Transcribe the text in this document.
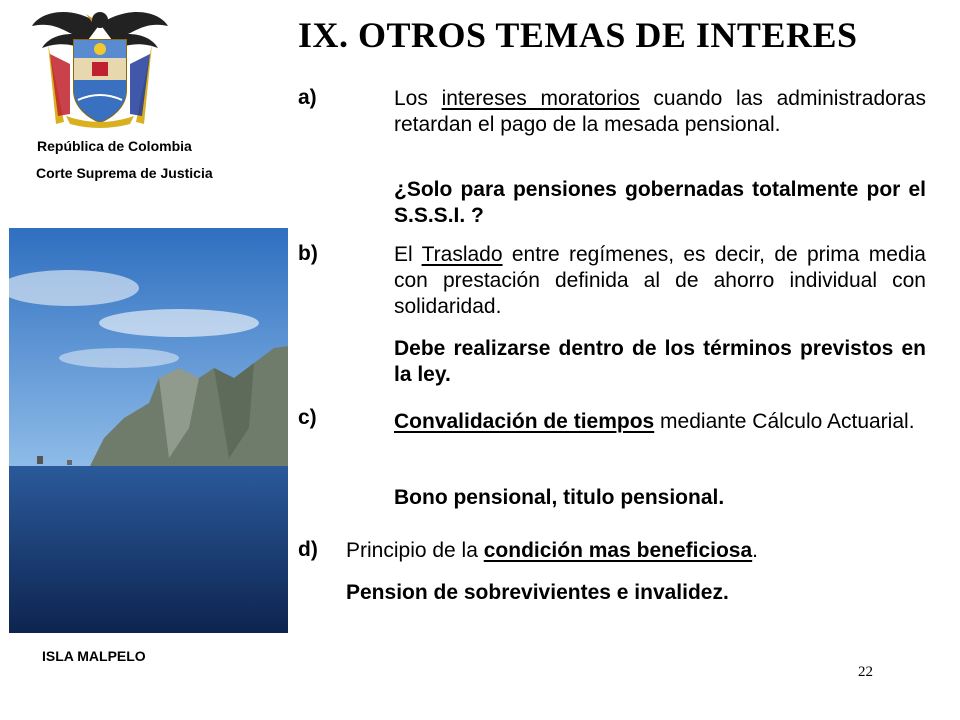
República de Colombia
Corte Suprema de Justicia
ISLA MALPELO
IX. OTROS TEMAS DE INTERES
a)	Los intereses moratorios cuando las administradoras retardan el pago de la mesada pensional.
¿Solo para pensiones gobernadas totalmente por el S.S.S.I. ?
b)	El Traslado entre regímenes, es decir, de prima media con prestación definida al de ahorro individual con solidaridad.
Debe realizarse dentro de los términos previstos en la ley.
c)	Convalidación de tiempos mediante Cálculo Actuarial.
Bono pensional, titulo pensional.
d) Principio de la condición mas beneficiosa.
Pension de sobrevivientes e invalidez.
22
